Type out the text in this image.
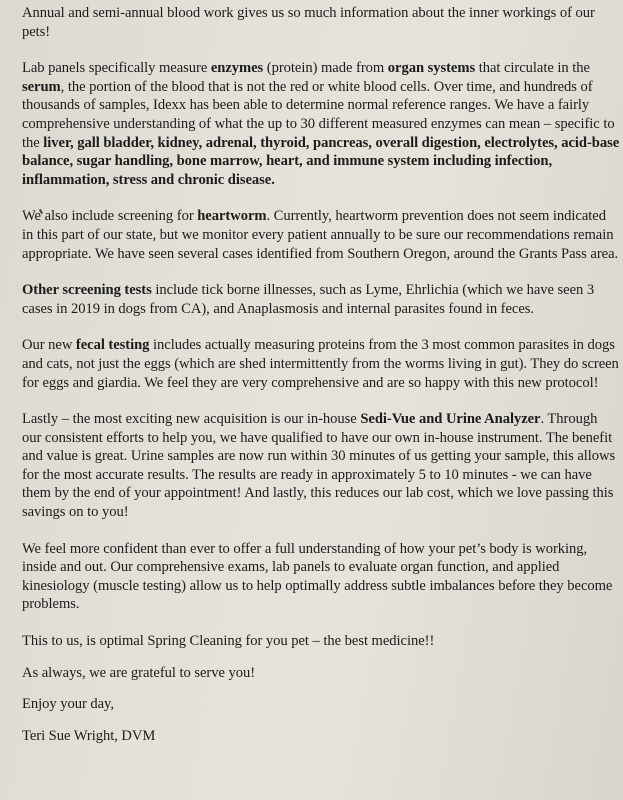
Annual and semi-annual blood work gives us so much information about the inner workings of our pets!

Lab panels specifically measure enzymes (protein) made from organ systems that circulate in the serum, the portion of the blood that is not the red or white blood cells. Over time, and hundreds of thousands of samples, Idexx has been able to determine normal reference ranges. We have a fairly comprehensive understanding of what the up to 30 different measured enzymes can mean – specific to the liver, gall bladder, kidney, adrenal, thyroid, pancreas, overall digestion, electrolytes, acid-base balance, sugar handling, bone marrow, heart, and immune system including infection, inflammation, stress and chronic disease.

We also include screening for heartworm. Currently, heartworm prevention does not seem indicated in this part of our state, but we monitor every patient annually to be sure our recommendations remain appropriate. We have seen several cases identified from Southern Oregon, around the Grants Pass area.

Other screening tests include tick borne illnesses, such as Lyme, Ehrlichia (which we have seen 3 cases in 2019 in dogs from CA), and Anaplasmosis and internal parasites found in feces.

Our new fecal testing includes actually measuring proteins from the 3 most common parasites in dogs and cats, not just the eggs (which are shed intermittently from the worms living in gut). They do screen for eggs and giardia. We feel they are very comprehensive and are so happy with this new protocol!

Lastly – the most exciting new acquisition is our in-house Sedi-Vue and Urine Analyzer. Through our consistent efforts to help you, we have qualified to have our own in-house instrument. The benefit and value is great. Urine samples are now run within 30 minutes of us getting your sample, this allows for the most accurate results. The results are ready in approximately 5 to 10 minutes - we can have them by the end of your appointment! And lastly, this reduces our lab cost, which we love passing this savings on to you!

We feel more confident than ever to offer a full understanding of how your pet’s body is working, inside and out. Our comprehensive exams, lab panels to evaluate organ function, and applied kinesiology (muscle testing) allow us to help optimally address subtle imbalances before they become problems.

This to us, is optimal Spring Cleaning for you pet – the best medicine!!

As always, we are grateful to serve you!

Enjoy your day,

Teri Sue Wright, DVM
